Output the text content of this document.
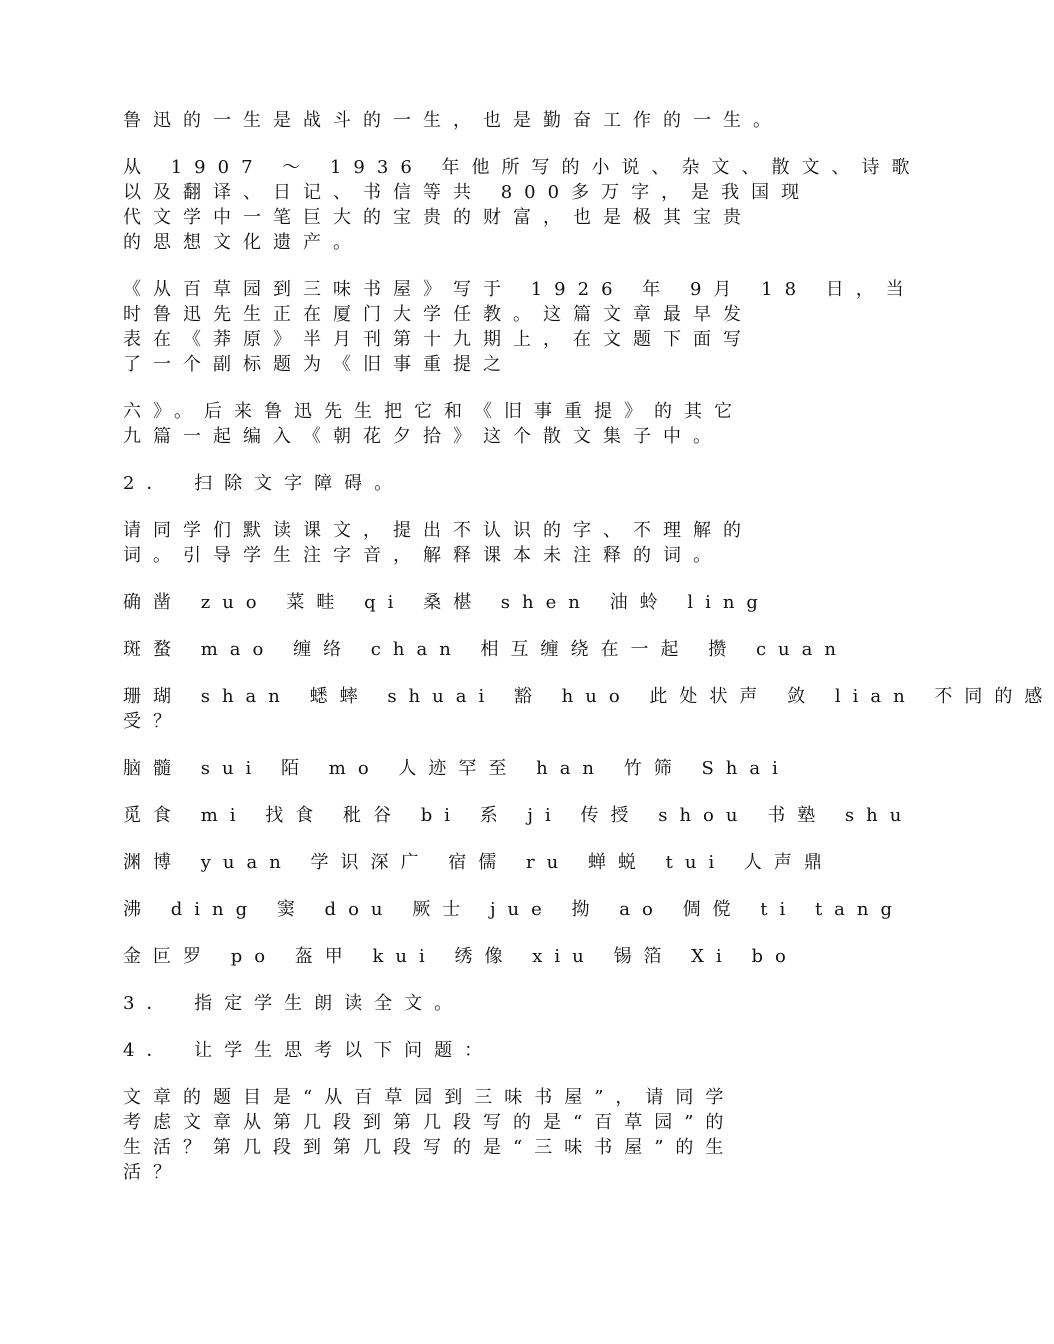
鲁迅的一生是战斗的一生，也是勤奋工作的一生。

从 1907 ～ 1936 年他所写的小说、杂文、散文、诗歌
以及翻译、日记、书信等共 800多万字，是我国现
代文学中一笔巨大的宝贵的财富，也是极其宝贵
的思想文化遗产。

《从百草园到三味书屋》写于 1926 年 9月 18 日，当
时鲁迅先生正在厦门大学任教。这篇文章最早发
表在《莽原》半月刊第十九期上，在文题下面写
了一个副标题为《旧事重提之

六》。后来鲁迅先生把它和《旧事重提》的其它
九篇一起编入《朝花夕拾》这个散文集子中。

2． 扫除文字障碍。

请同学们默读课文，提出不认识的字、不理解的
词。引导学生注字音，解释课本未注释的词。

确凿 zuo 菜畦 qi 桑椹 shen 油蛉 ling

斑蝥 mao 缠络 chan 相互缠绕在一起 攒 cuan

珊瑚 shan 蟋蟀 shuai 豁 huo 此处状声 敛 lian 不同的感
受？

脑髓 sui 陌 mo 人迹罕至 han 竹筛 Shai

觅食 mi 找食 秕谷 bi 系 ji 传授 shou 书塾 shu

渊博 yuan 学识深广 宿儒 ru 蝉蜕 tui 人声鼎

沸 ding 窦 dou 厥士 jue 拗 ao 倜傥 ti tang

金叵罗 po 盔甲 kui 绣像 xiu 锡箔 Xi bo

3． 指定学生朗读全文。

4． 让学生思考以下问题：

文章的题目是“从百草园到三味书屋”，请同学
考虑文章从第几段到第几段写的是“百草园”的
生活？第几段到第几段写的是“三味书屋”的生
活？
